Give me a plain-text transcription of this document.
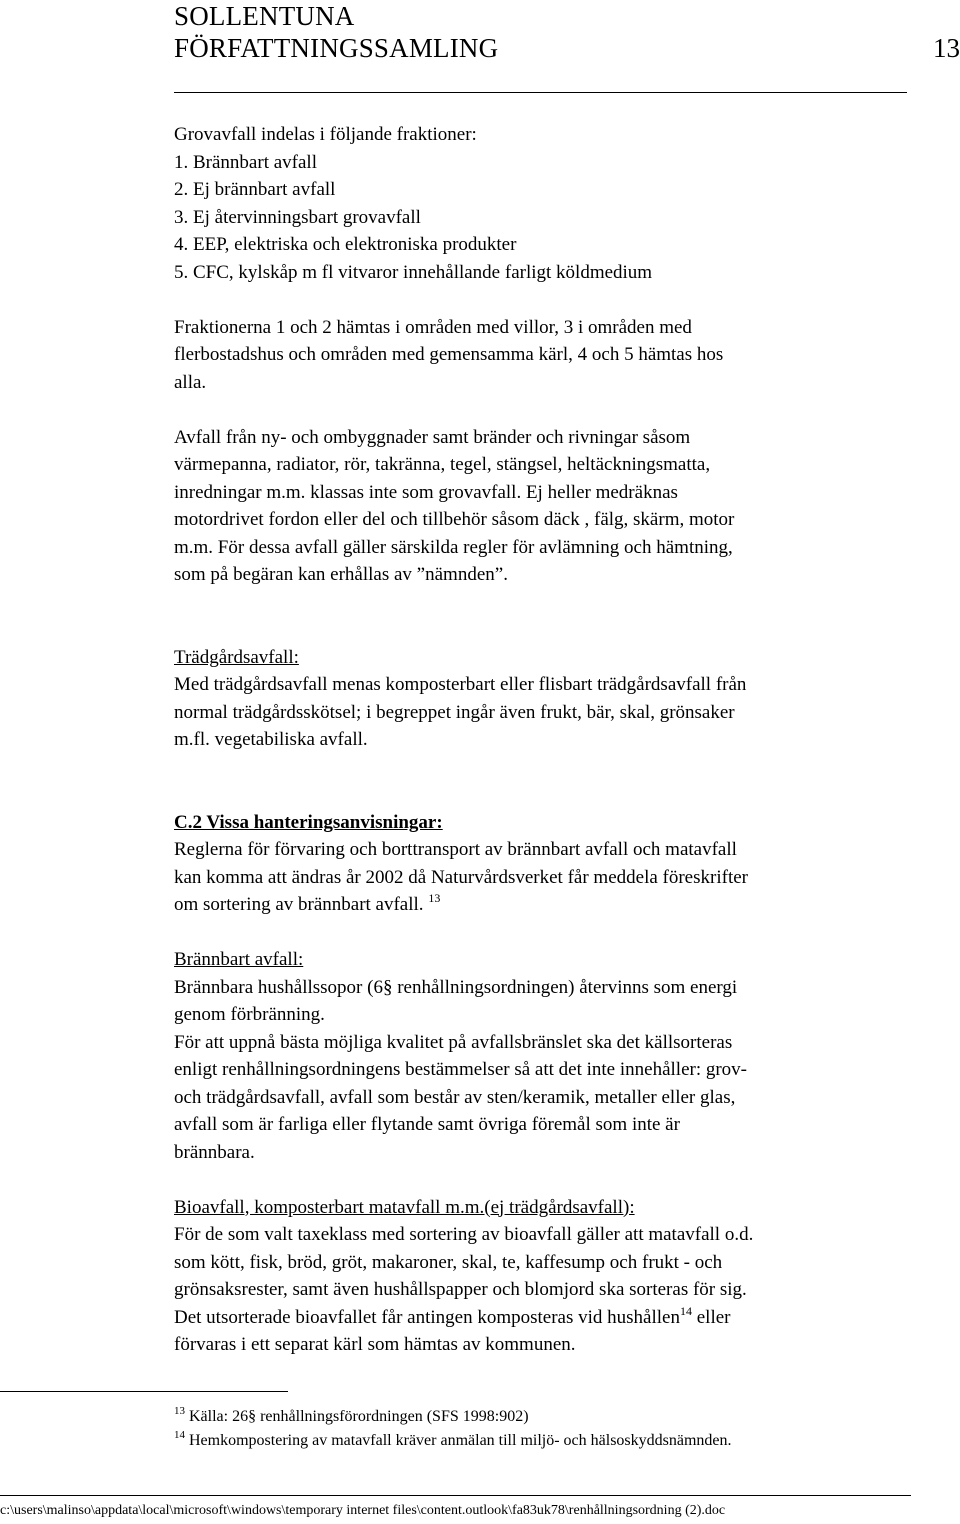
SOLLENTUNA
FÖRFATTNINGSSAMLING	13

Grovavfall indelas i följande fraktioner:

1. Brännbart avfall

2. Ej brännbart avfall

3. Ej återvinningsbart grovavfall

4. EEP, elektriska och elektroniska produkter

5. CFC, kylskåp m fl vitvaror innehållande farligt köldmedium

Fraktionerna 1 och 2 hämtas i områden med villor, 3 i områden med

flerbostadshus och områden med gemensamma kärl, 4 och 5 hämtas hos

alla.

Avfall från ny- och ombyggnader samt bränder och rivningar såsom

värmepanna, radiator, rör, takränna, tegel, stängsel, heltäckningsmatta,

inredningar m.m. klassas inte som grovavfall. Ej heller medräknas

motordrivet fordon eller del och tillbehör såsom däck , fälg, skärm, motor

m.m. För dessa avfall gäller särskilda regler för avlämning och hämtning,

som på begäran kan erhållas av ”nämnden”.

Trädgårdsavfall:

Med trädgårdsavfall menas komposterbart eller flisbart trädgårdsavfall från

normal trädgårdsskötsel; i begreppet ingår även frukt, bär, skal, grönsaker

m.fl. vegetabiliska avfall.

C.2 Vissa hanteringsanvisningar:

Reglerna för förvaring och borttransport av brännbart avfall och matavfall

kan komma att ändras år 2002 då Naturvårdsverket får meddela föreskrifter

om sortering av brännbart avfall. $^{13}$

Brännbart avfall:

Brännbara hushållssopor (6§ renhållningsordningen) återvinns som energi

genom förbränning.

För att uppnå bästa möjliga kvalitet på avfallsbränslet ska det källsorteras

enligt renhållningsordningens bestämmelser så att det inte innehåller: grov-

och trädgårdsavfall, avfall som består av sten/keramik, metaller eller glas,

avfall som är farliga eller flytande samt övriga föremål som inte är

brännbara.

Bioavfall, komposterbart matavfall m.m.(ej trädgårdsavfall):

För de som valt taxeklass med sortering av bioavfall gäller att matavfall o.d.

som kött, fisk, bröd, gröt, makaroner, skal, te, kaffesump och frukt - och

grönsaksrester, samt även hushållspapper och blomjord ska sorteras för sig.

Det utsorterade bioavfallet får antingen komposteras vid hushållen$^{14}$ eller

förvaras i ett separat kärl som hämtas av kommunen.

$^{13}$ Källa: 26§ renhållningsförordningen (SFS 1998:902)

$^{14}$ Hemkompostering av matavfall kräver anmälan till miljö- och hälsoskyddsnämnden.

c:\users\malinso\appdata\local\microsoft\windows\temporary internet files\content.outlook\fa83uk78\renhållningsordning (2).doc
